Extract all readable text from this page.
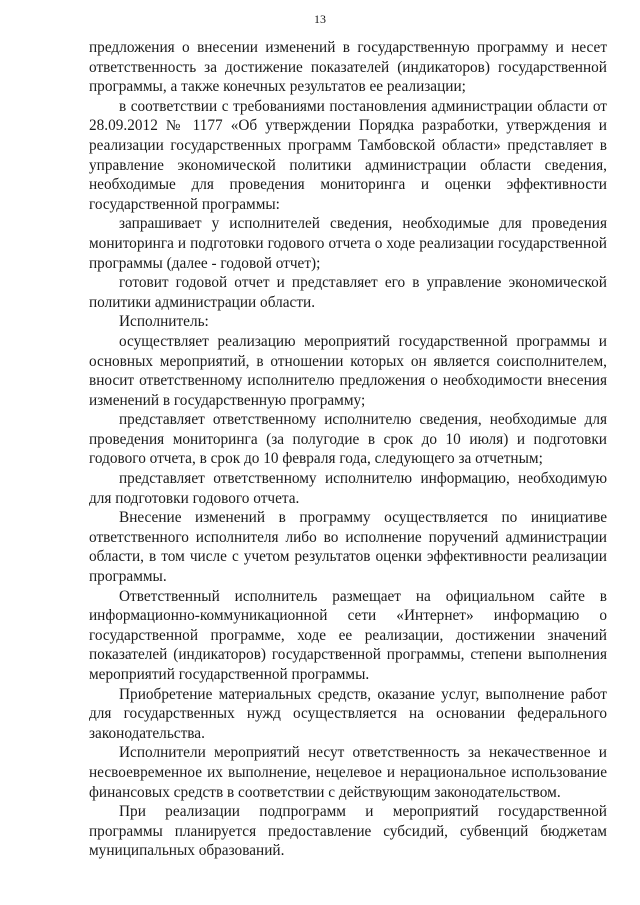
13

предложения о внесении изменений в государственную программу и несет ответственность за достижение показателей (индикаторов) государственной программы, а также конечных результатов ее реализации;

в соответствии с требованиями постановления администрации области от 28.09.2012 № 1177 «Об утверждении Порядка разработки, утверждения и реализации государственных программ Тамбовской области» представляет в управление экономической политики администрации области сведения, необходимые для проведения мониторинга и оценки эффективности государственной программы:

запрашивает у исполнителей сведения, необходимые для проведения мониторинга и подготовки годового отчета о ходе реализации государственной программы (далее - годовой отчет);

готовит годовой отчет и представляет его в управление экономической политики администрации области.

Исполнитель:

осуществляет реализацию мероприятий государственной программы и основных мероприятий, в отношении которых он является соисполнителем, вносит ответственному исполнителю предложения о необходимости внесения изменений в государственную программу;

представляет ответственному исполнителю сведения, необходимые для проведения мониторинга (за полугодие в срок до 10 июля) и подготовки годового отчета, в срок до 10 февраля года, следующего за отчетным;

представляет ответственному исполнителю информацию, необходимую для подготовки годового отчета.

Внесение изменений в программу осуществляется по инициативе ответственного исполнителя либо во исполнение поручений администрации области, в том числе с учетом результатов оценки эффективности реализации программы.

Ответственный исполнитель размещает на официальном сайте в информационно-коммуникационной сети «Интернет» информацию о государственной программе, ходе ее реализации, достижении значений показателей (индикаторов) государственной программы, степени выполнения мероприятий государственной программы.

Приобретение материальных средств, оказание услуг, выполнение работ для государственных нужд осуществляется на основании федерального законодательства.

Исполнители мероприятий несут ответственность за некачественное и несвоевременное их выполнение, нецелевое и нерациональное использование финансовых средств в соответствии с действующим законодательством.

При реализации подпрограмм и мероприятий государственной программы планируется предоставление субсидий, субвенций бюджетам муниципальных образований.
